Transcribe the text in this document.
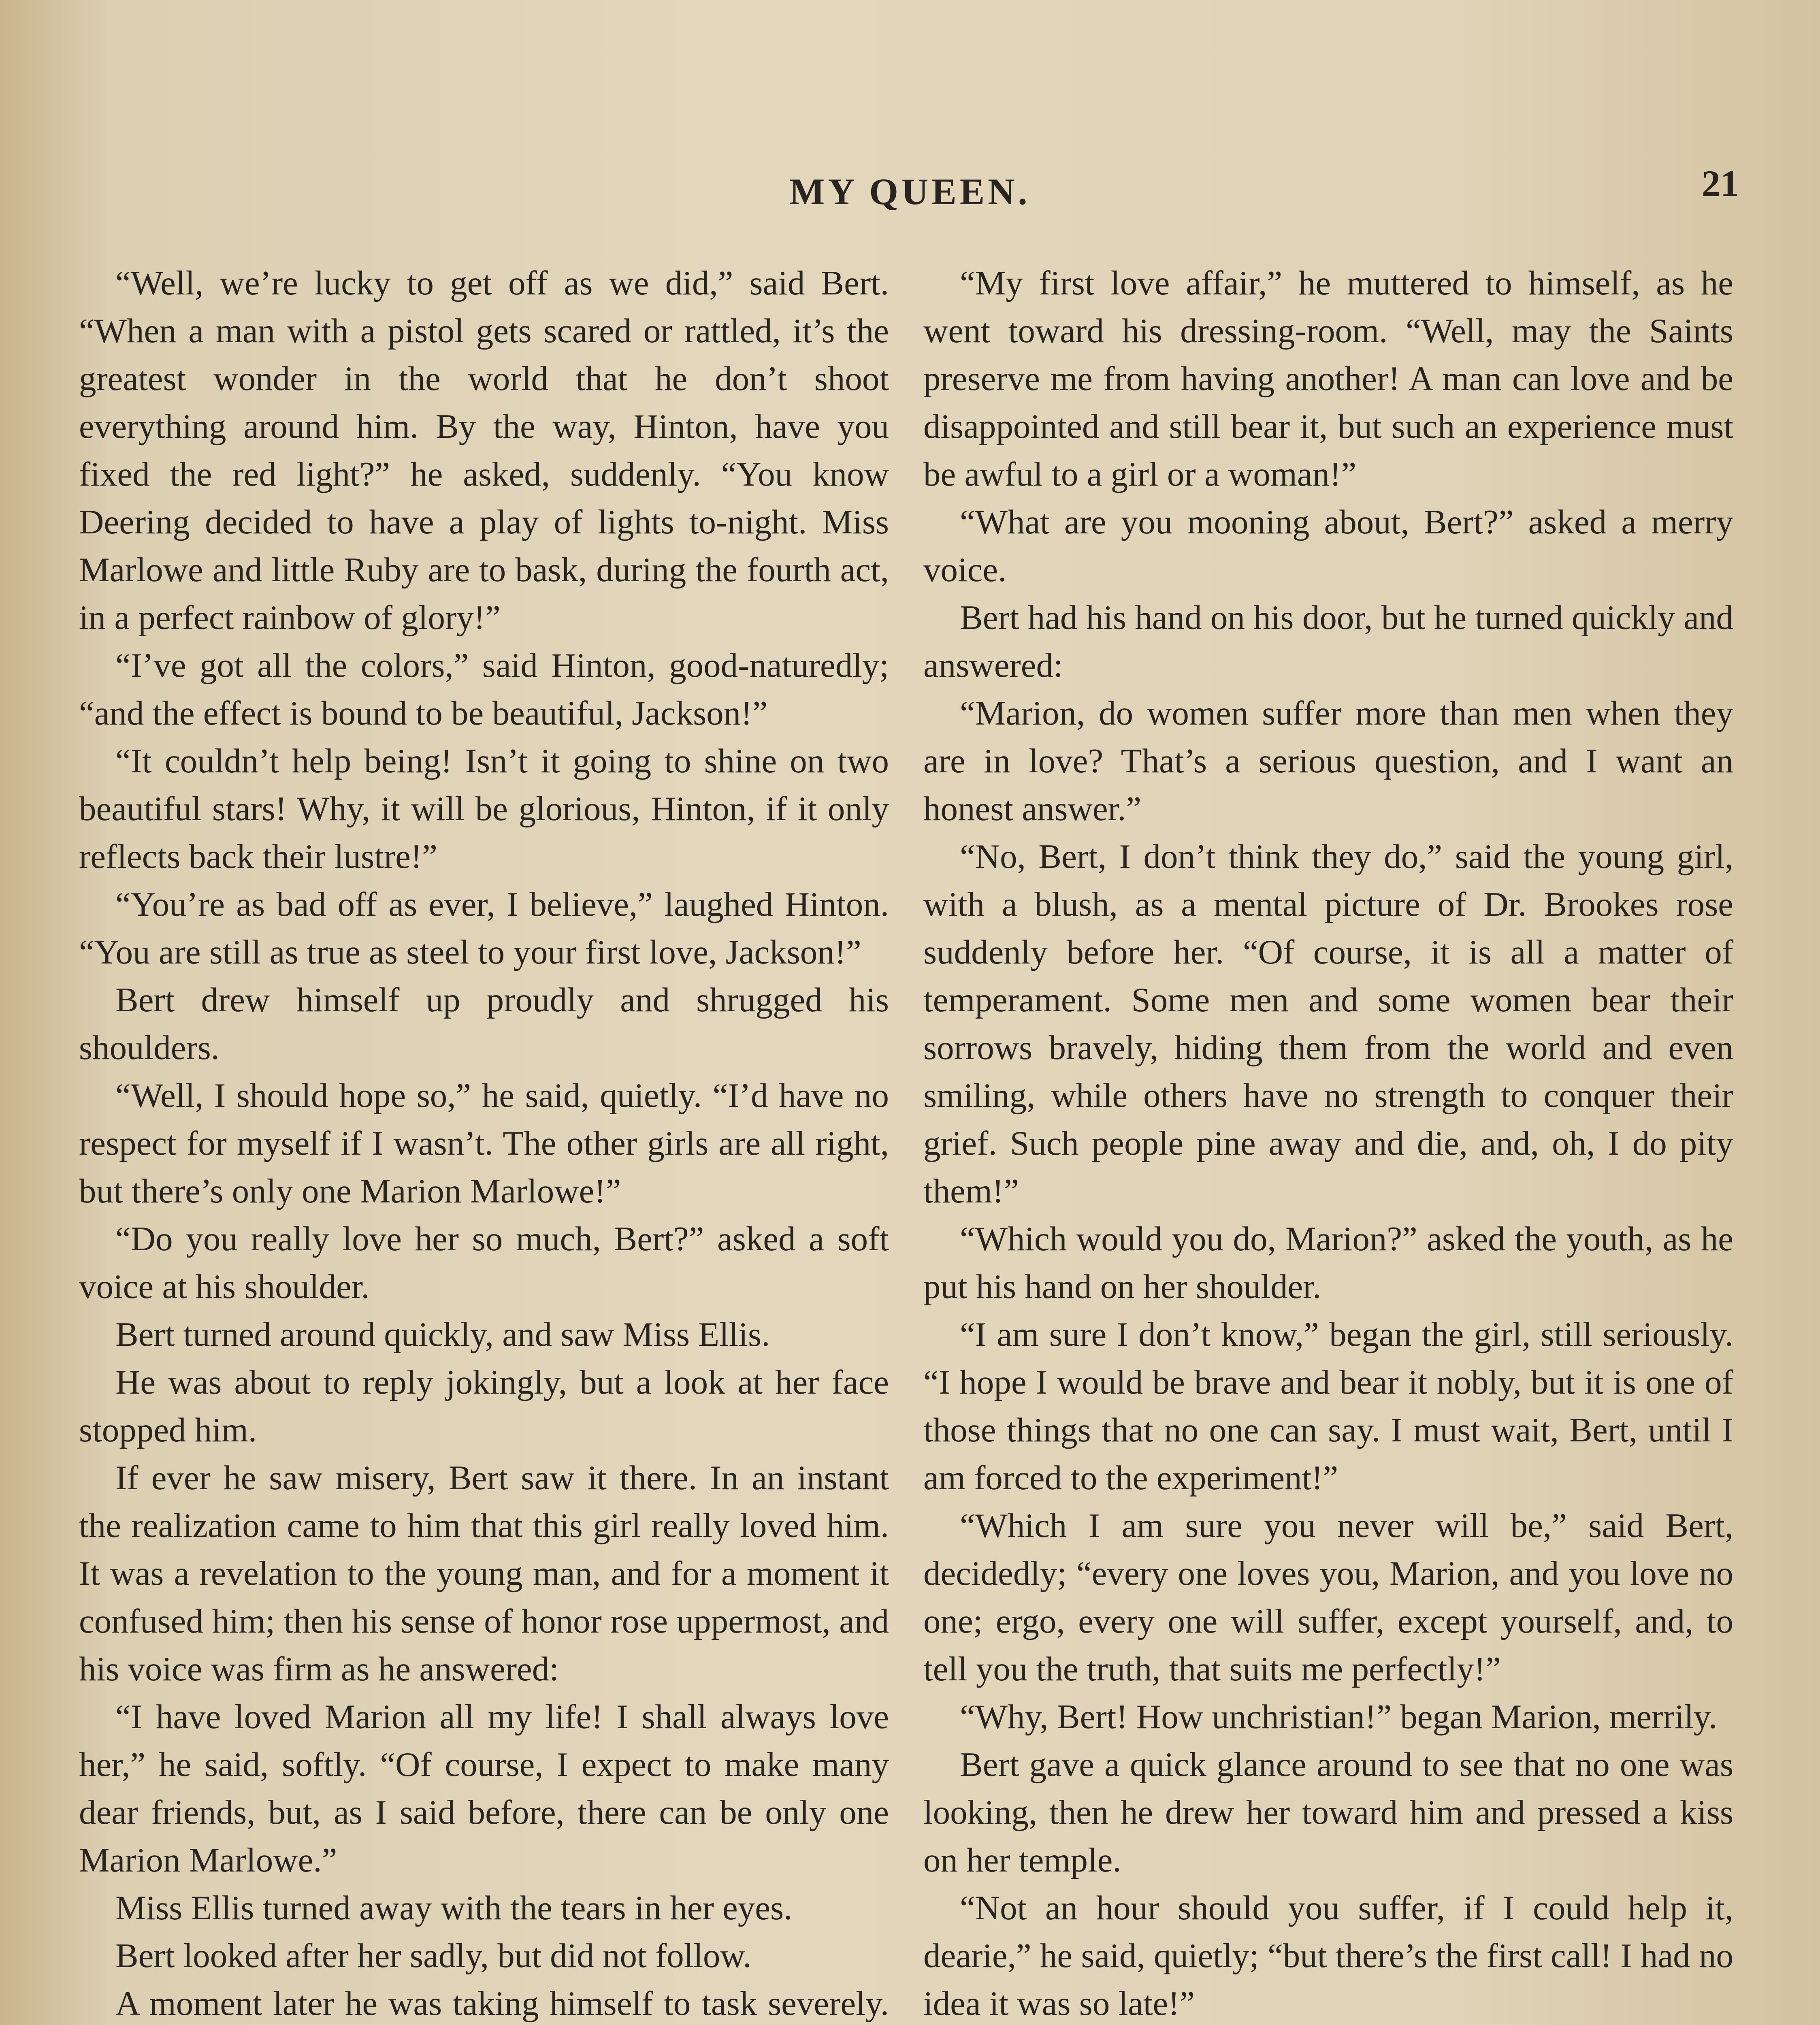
MY QUEEN.	21

“Well, we’re lucky to get off as we did,” said Bert. “When a man with a pistol gets scared or rattled, it’s the greatest wonder in the world that he don’t shoot everything around him. By the way, Hinton, have you fixed the red light?” he asked, suddenly. “You know Deering decided to have a play of lights to-night. Miss Marlowe and little Ruby are to bask, during the fourth act, in a perfect rainbow of glory!”

“I’ve got all the colors,” said Hinton, good-naturedly; “and the effect is bound to be beautiful, Jackson!”

“It couldn’t help being! Isn’t it going to shine on two beautiful stars! Why, it will be glorious, Hinton, if it only reflects back their lustre!”

“You’re as bad off as ever, I believe,” laughed Hinton. “You are still as true as steel to your first love, Jackson!”

Bert drew himself up proudly and shrugged his shoulders.

“Well, I should hope so,” he said, quietly. “I’d have no respect for myself if I wasn’t. The other girls are all right, but there’s only one Marion Marlowe!”

“Do you really love her so much, Bert?” asked a soft voice at his shoulder.

Bert turned around quickly, and saw Miss Ellis.

He was about to reply jokingly, but a look at her face stopped him.

If ever he saw misery, Bert saw it there. In an instant the realization came to him that this girl really loved him. It was a revelation to the young man, and for a moment it confused him; then his sense of honor rose uppermost, and his voice was firm as he answered:

“I have loved Marion all my life! I shall always love her,” he said, softly. “Of course, I expect to make many dear friends, but, as I said before, there can be only one Marion Marlowe.”

Miss Ellis turned away with the tears in her eyes.

Bert looked after her sadly, but did not follow.

A moment later he was taking himself to task severely.

“My first love affair,” he muttered to himself, as he went toward his dressing-room. “Well, may the Saints preserve me from having another! A man can love and be disappointed and still bear it, but such an experience must be awful to a girl or a woman!”

“What are you mooning about, Bert?” asked a merry voice.

Bert had his hand on his door, but he turned quickly and answered:

“Marion, do women suffer more than men when they are in love? That’s a serious question, and I want an honest answer.”

“No, Bert, I don’t think they do,” said the young girl, with a blush, as a mental picture of Dr. Brookes rose suddenly before her. “Of course, it is all a matter of temperament. Some men and some women bear their sorrows bravely, hiding them from the world and even smiling, while others have no strength to conquer their grief. Such people pine away and die, and, oh, I do pity them!”

“Which would you do, Marion?” asked the youth, as he put his hand on her shoulder.

“I am sure I don’t know,” began the girl, still seriously. “I hope I would be brave and bear it nobly, but it is one of those things that no one can say. I must wait, Bert, until I am forced to the experiment!”

“Which I am sure you never will be,” said Bert, decidedly; “every one loves you, Marion, and you love no one; ergo, every one will suffer, except yourself, and, to tell you the truth, that suits me perfectly!”

“Why, Bert! How unchristian!” began Marion, merrily.

Bert gave a quick glance around to see that no one was looking, then he drew her toward him and pressed a kiss on her temple.

“Not an hour should you suffer, if I could help it, dearie,” he said, quietly; “but there’s the first call! I had no idea it was so late!”
